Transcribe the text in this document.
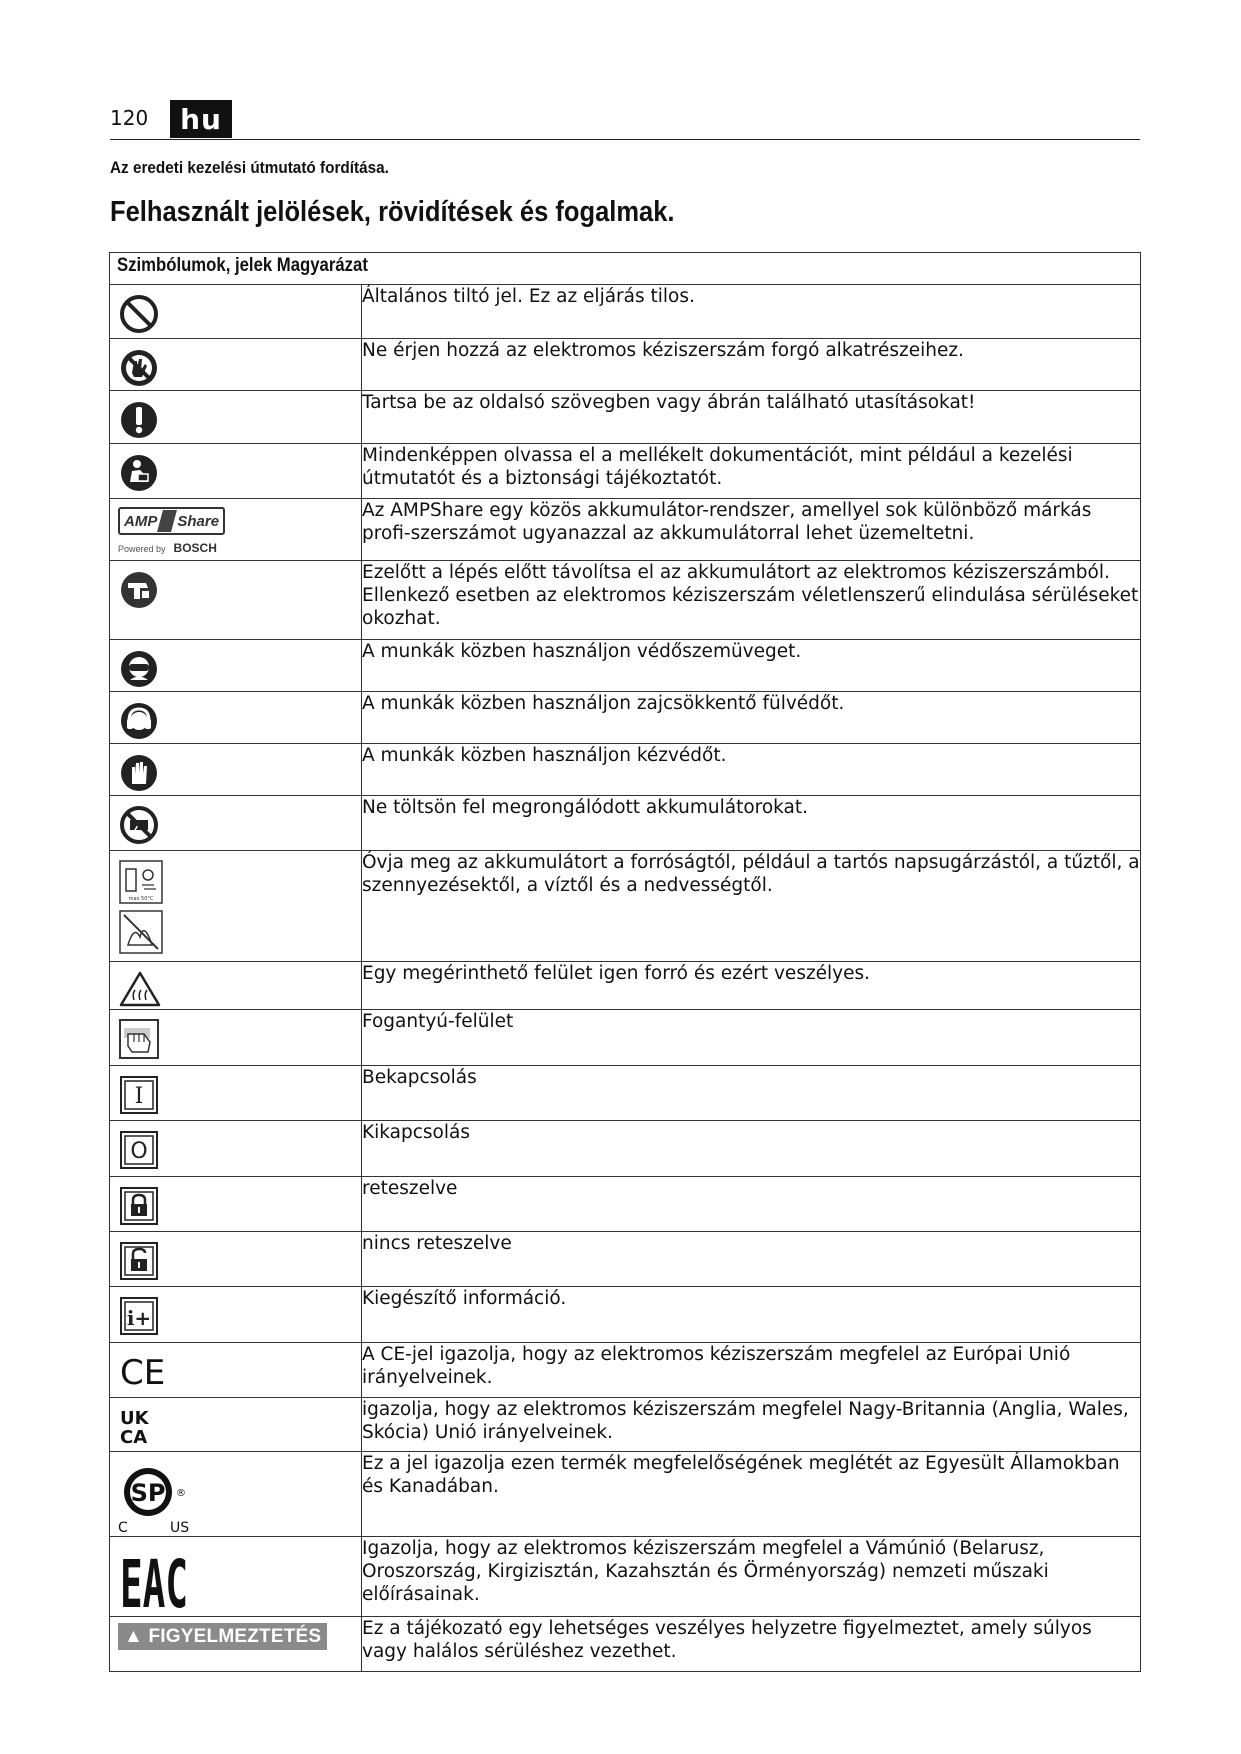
120	hu
Az eredeti kezelési útmutató fordítása.
Felhasznált jelölések, rövidítések és fogalmak.
Szimbólumok, jelek Magyarázat	

	Általános tiltó jel. Ez az eljárás tilos.

	Ne érjen hozzá az elektromos kéziszerszám forgó alkatrészeihez.

	Tartsa be az oldalsó szövegben vagy ábrán található utasításokat!

	Mindenképpen olvassa el a mellékelt dokumentációt, mint például a kezelési útmutatót és a biztonsági tájékoztatót.

AMP Share
Powered by BOSCH	Az AMPShare egy közös akkumulátor-rendszer, amellyel sok különböző márkás profi-szerszámot ugyanazzal az akkumulátorral lehet üzemeltetni.

	Ezelőtt a lépés előtt távolítsa el az akkumulátort az elektromos kéziszerszámból. Ellenkező esetben az elektromos kéziszerszám véletlenszerű elindulása sérüléseket okozhat.

	A munkák közben használjon védőszemüveget.

	A munkák közben használjon zajcsökkentő fülvédőt.

	A munkák közben használjon kézvédőt.

	Ne töltsön fel megrongálódott akkumulátorokat.

max 50°C	Óvja meg az akkumulátort a forróságtól, például a tartós napsugárzástól, a tűztől, a szennyezésektől, a víztől és a nedvességtől.

	Egy megérinthető felület igen forró és ezért veszélyes.

	Fogantyú-felület

I	Bekapcsolás

O	Kikapcsolás

	reteszelve

	nincs reteszelve

i+	Kiegészítő információ.

CE	A CE-jel igazolja, hogy az elektromos kéziszerszám megfelel az Európai Unió irányelveinek.

UK
CA	igazolja, hogy az elektromos kéziszerszám megfelel Nagy-Britannia (Anglia, Wales, Skócia) Unió irányelveinek.

SP ®
C US	Ez a jel igazolja ezen termék megfelelőségének meglétét az Egyesült Államokban és Kanadában.

EAC	Igazolja, hogy az elektromos kéziszerszám megfelel a Vámúnió (Belarusz, Oroszország, Kirgizisztán, Kazahsztán és Örményország) nemzeti műszaki előírásainak.
▲ FIGYELMEZTETÉS	Ez a tájékozató egy lehetséges veszélyes helyzetre figyelmeztet, amely súlyos vagy halálos sérüléshez vezethet.
